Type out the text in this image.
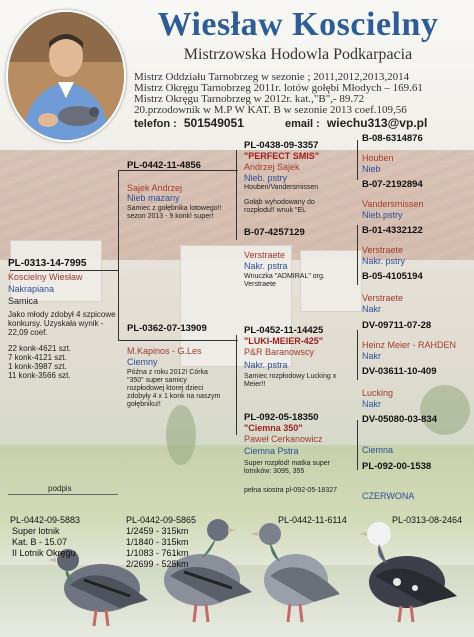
Wiesław Koscielny
Mistrzowska Hodowla Podkarpacia
Mistrz Oddziału Tarnobrzeg w sezonie ; 2011,2012,2013,2014
Mistrz Okręgu Tarnobrzeg 2011r. lotów gołębi Młodych – 169.61
Mistrz Okręgu Tarnobrzeg w 2012r. kat.,"B",- 89.72
20.przodownik w M.P W KAT. B w sezonie 2013 coef.109,56
telefon : 501549051	email : wiechu313@vp.pl
PL-0313-14-7995
Koscielny Wiesław
Nakrapiana
Samica
Jako młody zdobył 4 szpicowe
konkursy. Uzyskała wynik -
22,09 coef.
22 konk-4621 szt.
7 konk-4121 szt.
1 konk-3987 szt.
11 konk-3566 szt.
podpis
PL-0442-11-4856
Sajek Andrzej
Nieb mazany
Samiec z gołębnika lotowego!!
sezon 2013 - 9 konk! super!
PL-0362-07-13909
M.Kapinos - G.Les
Ciemny
Późna z roku 2012! Córka
"350" super samicy
rozpłodowej ktorej dzieci
zdobyły 4 x 1 konk na naszym
gołębniku!!
PL-0438-09-3357
"PERFECT SMIS"
Andrzej Sajek
Nieb. pstry
Houben/Vandersmissen
Gołąb wyhodowany do
rozpłodu!! wnuk "EL
B-07-4257129
Verstraete
Nakr. pstra
Wnuczka "ADMIRAL" org.
Verstraete
PL-0452-11-14425
"LUKI-MEIER-425"
P&R Baranowscy
Nakr. pstra
Samiec rozpłodowy Lucking x
Meier!!
PL-092-05-18350
"Ciemna 350"
Paweł Cerkanowicz
Ciemna Pstra
Super rozpłód! matka super
lotników: 3095, 355
pełna siostra pl-092-05-18327
B-08-6314876
Houben
Nieb
B-07-2192894
Vandersmissen
Nieb.pstry
B-01-4332122
Verstraete
Nakr. pstry
B-05-4105194
Verstraete
Nakr
DV-09711-07-28
Heinz Meier - RAHDEN
Nakr
DV-03611-10-409
Lucking
Nakr
DV-05080-03-834
Ciemna
PL-092-00-1538
CZERWONA
PL-0442-09-5883
Super lotnik
Kat. B - 15.07
II Lotnik Okręgu
PL-0442-09-5865
1/2459 - 315km
1/1840 - 315km
1/1083 - 761km
2/2699 - 525km
PL-0442-11-6114	PL-0313-08-2464
